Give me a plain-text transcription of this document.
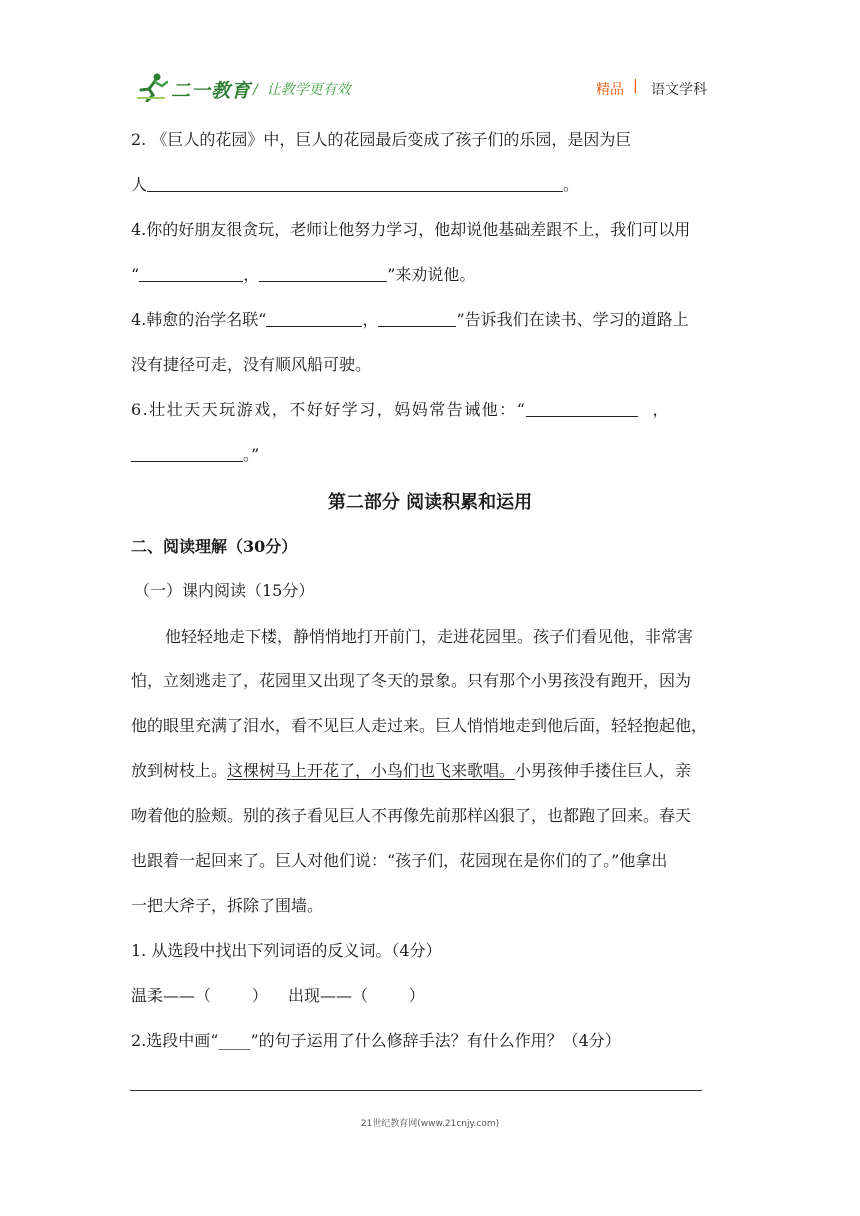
二一教育 / 让教学更有效	精品 | 语文学科
2. 《巨人的花园》中，巨人的花园最后变成了孩子们的乐园，是因为巨
人	。
4.你的好朋友很贪玩，老师让他努力学习，他却说他基础差跟不上，我们可以用
“	，	”来劝说他。
4.韩愈的治学名联“	，	”告诉我们在读书、学习的道路上
没有捷径可走，没有顺风船可驶。
6.壮壮天天玩游戏，不好好学习，妈妈常告诫他：“	，
。”
第二部分 阅读积累和运用
二、阅读理解（30分）
（一）课内阅读（15分）
他轻轻地走下楼，静悄悄地打开前门，走进花园里。孩子们看见他，非常害
怕，立刻逃走了，花园里又出现了冬天的景象。只有那个小男孩没有跑开，因为
他的眼里充满了泪水，看不见巨人走过来。巨人悄悄地走到他后面，轻轻抱起他，
放到树枝上。这棵树马上开花了，小鸟们也飞来歌唱。小男孩伸手搂住巨人，亲
吻着他的脸颊。别的孩子看见巨人不再像先前那样凶狠了，也都跑了回来。春天
也跟着一起回来了。巨人对他们说：“孩子们，花园现在是你们的了。”他拿出
一把大斧子，拆除了围墙。
1. 从选段中找出下列词语的反义词。（4分）
温柔——（        ）    出现——（        ）
2.选段中画“____”的句子运用了什么修辞手法？有什么作用？（4分）
21世纪教育网(www.21cnjy.com)
